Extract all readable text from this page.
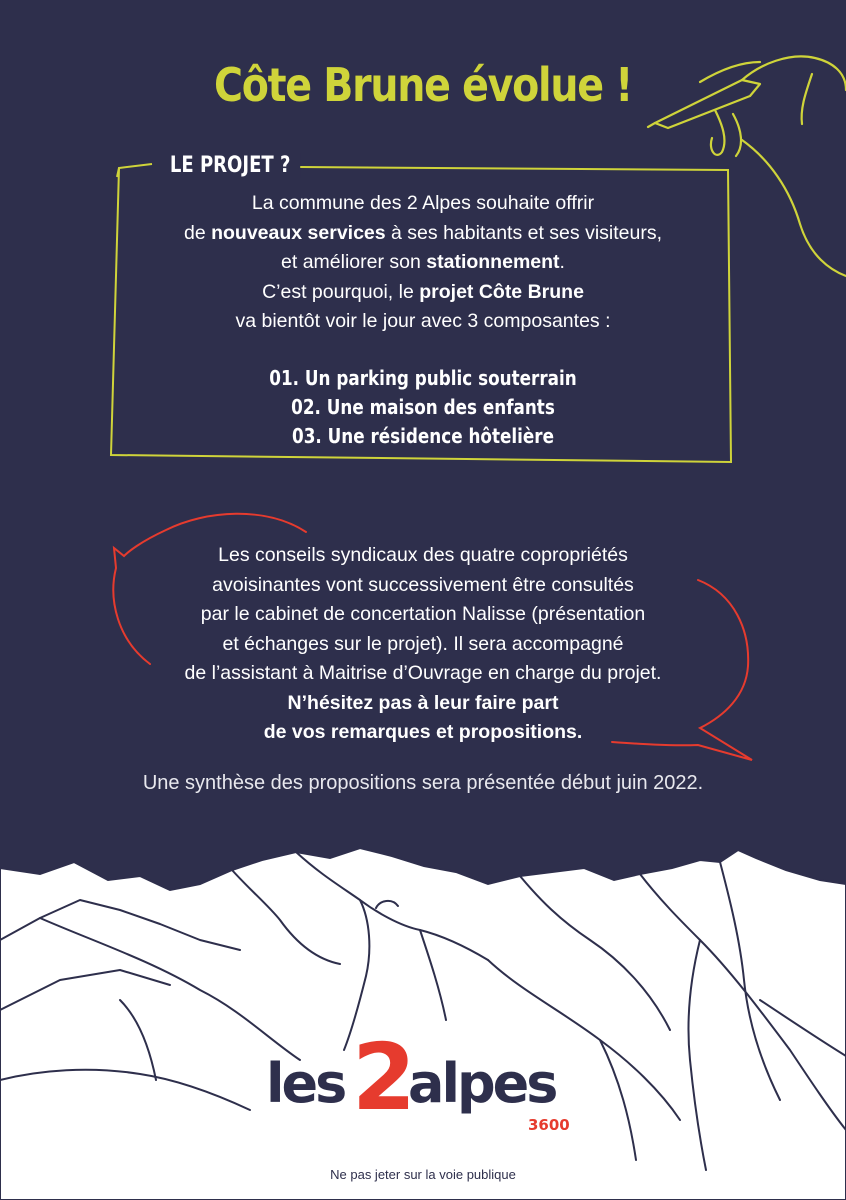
Côte Brune évolue !
LE PROJET ?
La commune des 2 Alpes souhaite offrir
de nouveaux services à ses habitants et ses visiteurs,
et améliorer son stationnement.
C’est pourquoi, le projet Côte Brune
va bientôt voir le jour avec 3 composantes :
01. Un parking public souterrain
02. Une maison des enfants
03. Une résidence hôtelière
Les conseils syndicaux des quatre copropriétés
avoisinantes vont successivement être consultés
par le cabinet de concertation Nalisse (présentation
et échanges sur le projet). Il sera accompagné
de l’assistant à Maitrise d’Ouvrage en charge du projet.
N’hésitez pas à leur faire part
de vos remarques et propositions.
Une synthèse des propositions sera présentée début juin 2022.
les 2
alpes
3600
Ne pas jeter sur la voie publique
